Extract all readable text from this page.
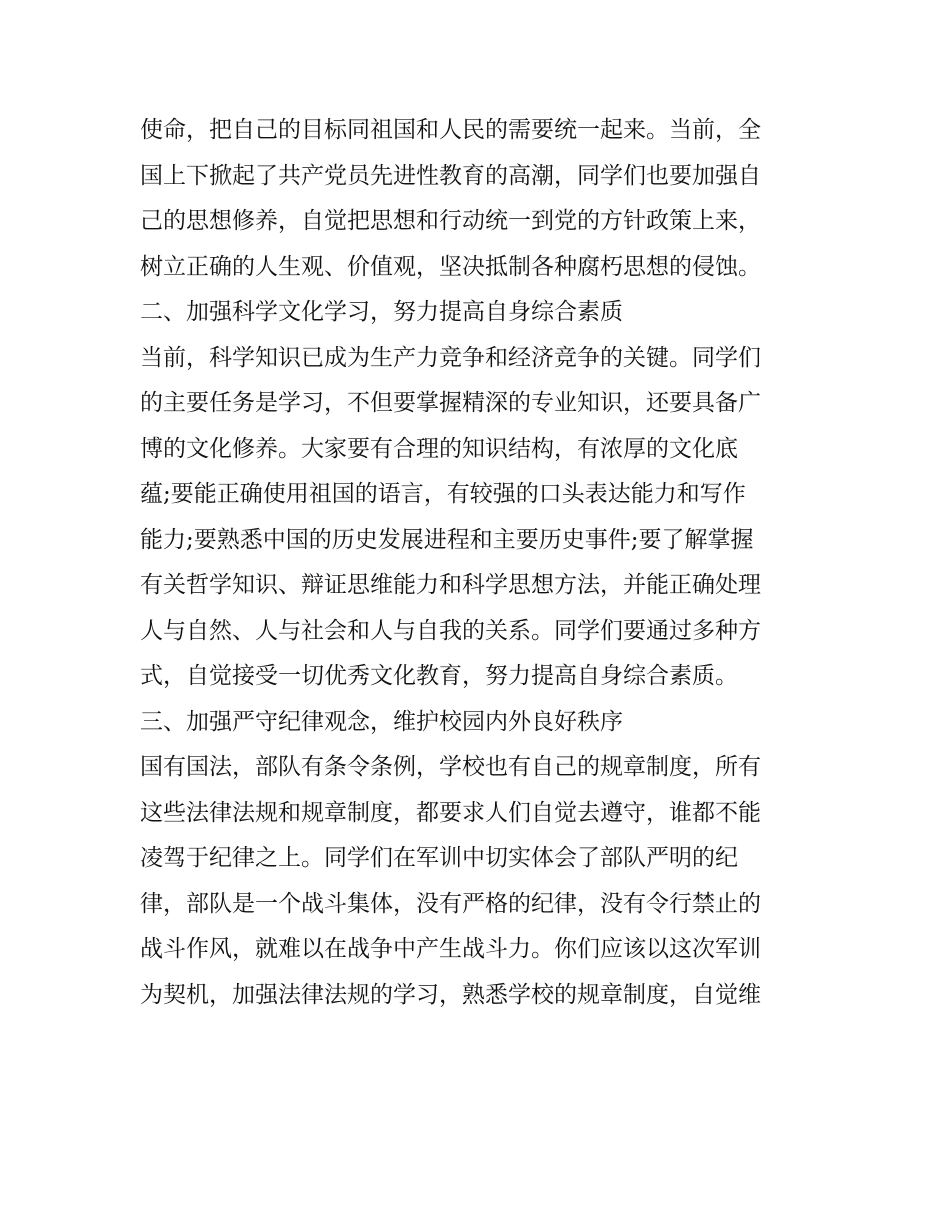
使命，把自己的目标同祖国和人民的需要统一起来。当前，全
国上下掀起了共产党员先进性教育的高潮，同学们也要加强自
己的思想修养，自觉把思想和行动统一到党的方针政策上来，
树立正确的人生观、价值观，坚决抵制各种腐朽思想的侵蚀。
二、加强科学文化学习，努力提高自身综合素质
当前，科学知识已成为生产力竞争和经济竞争的关键。同学们
的主要任务是学习，不但要掌握精深的专业知识，还要具备广
博的文化修养。大家要有合理的知识结构，有浓厚的文化底
蕴;要能正确使用祖国的语言，有较强的口头表达能力和写作
能力;要熟悉中国的历史发展进程和主要历史事件;要了解掌握
有关哲学知识、辩证思维能力和科学思想方法，并能正确处理
人与自然、人与社会和人与自我的关系。同学们要通过多种方
式，自觉接受一切优秀文化教育，努力提高自身综合素质。
三、加强严守纪律观念，维护校园内外良好秩序
国有国法，部队有条令条例，学校也有自己的规章制度，所有
这些法律法规和规章制度，都要求人们自觉去遵守，谁都不能
凌驾于纪律之上。同学们在军训中切实体会了部队严明的纪
律，部队是一个战斗集体，没有严格的纪律，没有令行禁止的
战斗作风，就难以在战争中产生战斗力。你们应该以这次军训
为契机，加强法律法规的学习，熟悉学校的规章制度，自觉维
